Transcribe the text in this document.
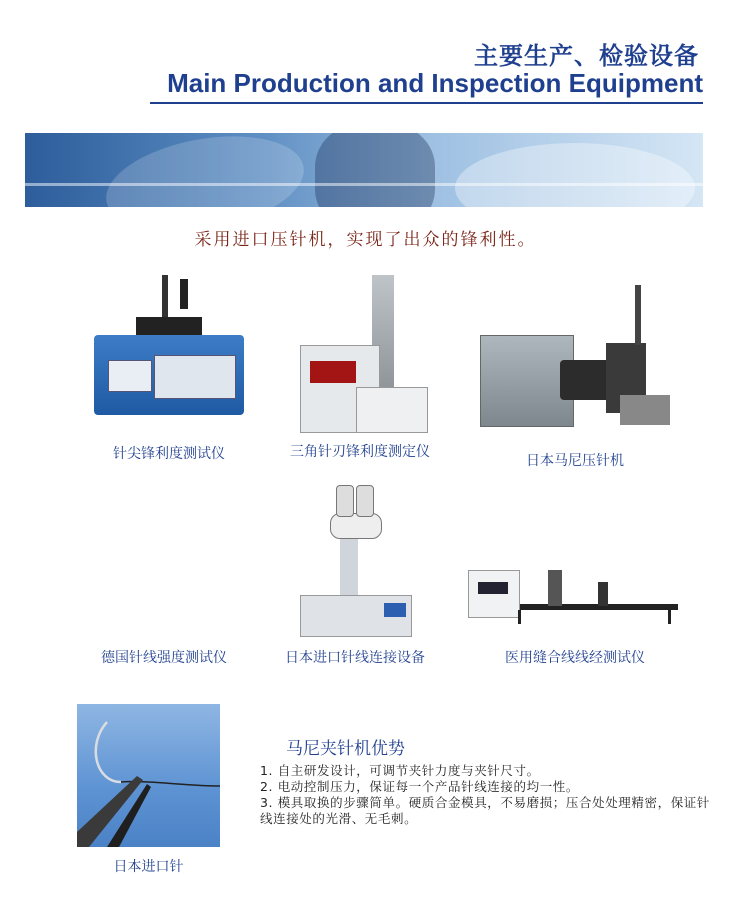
主要生产、检验设备
Main Production and Inspection Equipment
采用进口压针机，实现了出众的锋利性。
针尖锋利度测试仪	三角针刃锋利度测定仪
日本马尼压针机
德国针线强度测试仪	日本进口针线连接设备	医用缝合线线经测试仪
日本进口针
马尼夹针机优势
1. 自主研发设计，可调节夹针力度与夹针尺寸。
2. 电动控制压力，保证每一个产品针线连接的均一性。
3. 模具取换的步骤简单。硬质合金模具，不易磨损；压合处处理精密，保证针线连接处的光滑、无毛刺。
